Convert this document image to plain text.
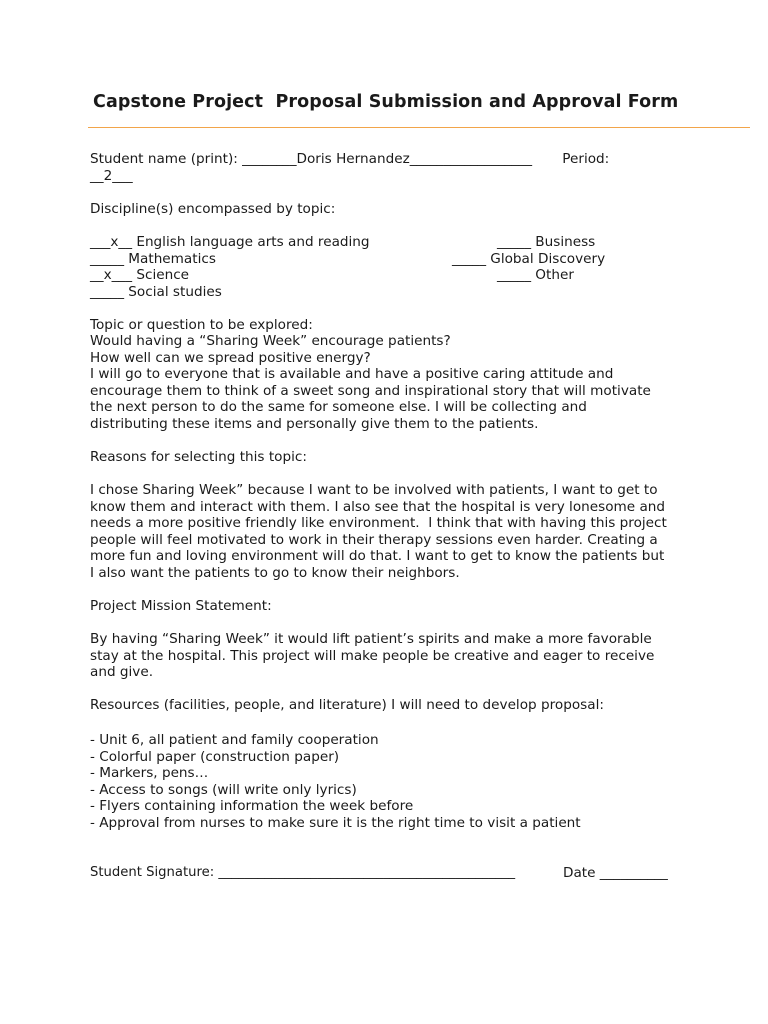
Capstone Project  Proposal Submission and Approval Form
Student name (print): ________Doris Hernandez__________________       Period:
__2___
Discipline(s) encompassed by topic:
___x__ English language arts and reading
_____ Mathematics
__x___ Science
_____ Social studies
_____ Business
_____ Global Discovery
_____ Other
Topic or question to be explored:
Would having a “Sharing Week” encourage patients?
How well can we spread positive energy?
I will go to everyone that is available and have a positive caring attitude and
encourage them to think of a sweet song and inspirational story that will motivate
the next person to do the same for someone else. I will be collecting and
distributing these items and personally give them to the patients.
Reasons for selecting this topic:
I chose Sharing Week” because I want to be involved with patients, I want to get to
know them and interact with them. I also see that the hospital is very lonesome and
needs a more positive friendly like environment.  I think that with having this project
people will feel motivated to work in their therapy sessions even harder. Creating a
more fun and loving environment will do that. I want to get to know the patients but
I also want the patients to go to know their neighbors.
Project Mission Statement:
By having “Sharing Week” it would lift patient’s spirits and make a more favorable
stay at the hospital. This project will make people be creative and eager to receive
and give.
Resources (facilities, people, and literature) I will need to develop proposal:
- Unit 6, all patient and family cooperation
- Colorful paper (construction paper)
- Markers, pens…
- Access to songs (will write only lyrics)
- Flyers containing information the week before
- Approval from nurses to make sure it is the right time to visit a patient
Student Signature: _____________________________________________	Date __________
